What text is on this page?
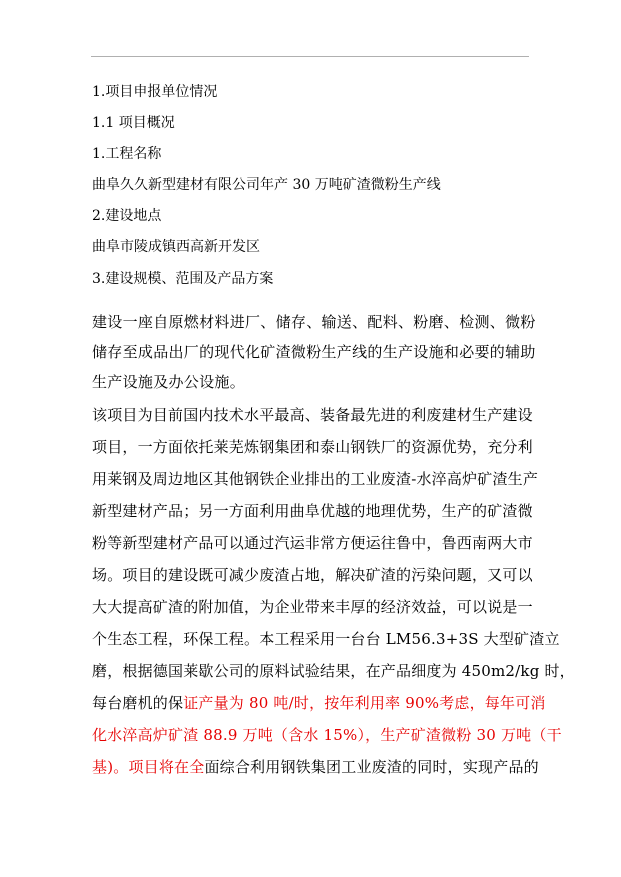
1.项目申报单位情况
1.1 项目概况
1.工程名称
曲阜久久新型建材有限公司年产 30 万吨矿渣微粉生产线
2.建设地点
曲阜市陵成镇西高新开发区
3.建设规模、范围及产品方案
建设一座自原燃材料进厂、储存、输送、配料、粉磨、检测、微粉
储存至成品出厂的现代化矿渣微粉生产线的生产设施和必要的辅助
生产设施及办公设施。
该项目为目前国内技术水平最高、装备最先进的利废建材生产建设
项目，一方面依托莱芜炼钢集团和泰山钢铁厂的资源优势，充分利
用莱钢及周边地区其他钢铁企业排出的工业废渣-水淬高炉矿渣生产
新型建材产品；另一方面利用曲阜优越的地理优势，生产的矿渣微
粉等新型建材产品可以通过汽运非常方便运往鲁中，鲁西南两大市
场。项目的建设既可减少废渣占地，解决矿渣的污染问题，又可以
大大提高矿渣的附加值，为企业带来丰厚的经济效益，可以说是一
个生态工程，环保工程。本工程采用一台台 LM56.3+3S 大型矿渣立
磨，根据德国莱歇公司的原料试验结果，在产品细度为 450m2/kg 时，
每台磨机的保证产量为 80 吨/时，按年利用率 90%考虑，每年可消
化水淬高炉矿渣 88.9 万吨（含水 15%），生产矿渣微粉 30 万吨（干
基)。项目将在全面综合利用钢铁集团工业废渣的同时，实现产品的
